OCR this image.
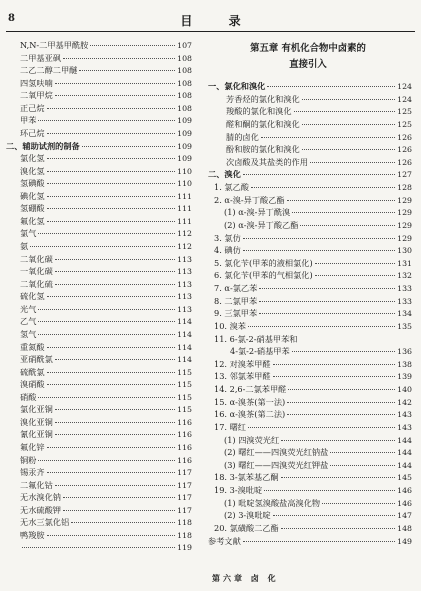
8	目 录
N,N-二甲基甲酰胺	107
二甲基亚砜	108
二乙二醇二甲醚	108
四氢呋喃	108
二氧甲烷	108
正己烷	108
甲苯	109
环己烷	109
二、辅助试剂的制备	109
氯化氢	109
溴化氢	110
氢碘酸	110
碘化氢	111
氢硼酸	111
氟化氢	111
氯气	112
氨	112
二氧化碳	113
一氧化碳	113
二氧化硫	113
硫化氢	113
光气	113
乙气	114
氢气	114
重氮酸	114
亚硝酰氯	114
硫酰氯	115
溴硝酸	115
硝酸	115
氯化亚铜	115
溴化亚铜	116
氰化亚铜	116
氟化锌	116
铜粉	116
锡汞齐	117
二氟化钴	117
无水溴化钠	117
无水硫酸钾	117
无水三氯化铝	118
鸭羧胺	118
119
第五章 有机化合物中卤素的
直接引入
一、氯化和溴化	124
芳香烃的氯化和溴化	124
羧酸的氯化和溴化	125
醛和酮的氯化和溴化	125
腈的卤化	126
酚和胺的氯化和溴化	126
次卤酸及其盐类的作用	126
二、溴化	127
1. 氯乙酸	128
2. α-溴-异丁酸乙酯	129
(1) α-溴-异丁酰溴	129
(2) α-溴-异丁酸乙酯	129
3. 氯仿	129
4. 碘仿	130
5. 氯化苄(甲苯的液相氯化)	131
6. 氯化苄(甲苯的气相氯化)	132
7. α-氯乙苯	133
8. 二氯甲苯	133
9. 三氯甲苯	134
10. 溴苯	135
11. 6-氯-2-硝基甲苯和
4-氯-2-硝基甲苯	136
12. 对溴苯甲醛	138
13. 邻氯苯甲醛	139
14. 2,6-二氯苯甲醛	140
15. α-溴茶(第一法)	142
16. α-溴茶(第二法)	143
17. 曙红	143
(1) 四溴荧光红	144
(2) 曙红——四溴荧光红钠盐	144
(3) 曙红——四溴荧光红钾盐	144
18. 3-氯苯基乙酮	145
19. 3-溴吡啶	146
(1) 吡啶氢溴酸盐高溴化物	146
(2) 3-溴吡啶	147
20. 氯磺酸二乙酯	148
参考文献	149
第六章 卤 化
